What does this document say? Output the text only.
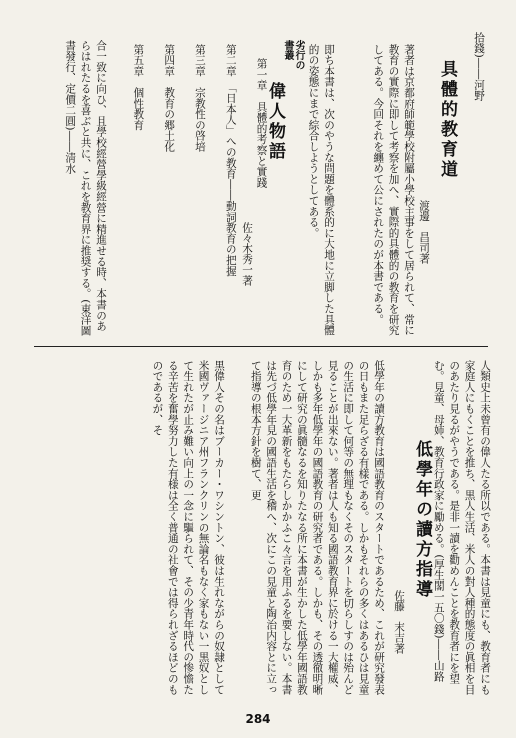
拾錢)――河野
具體的教育道
渡邊　昌司著
著者は京都府師範學校附屬小學校主事をして居られて、常に教育の實際に即して考察を加へ、實際的具體的の教育を研究してある。今回それを纏めて公にされたのが本書である。
即ち本書は、次のやうな問題を體系的に大地に立脚した具體的の姿態にまで綜合しようとしてある。

第一章　具體的考察と實踐

第二章　「日本人」への教育――動詞教育の把握

第三章　宗教性の啓培

第四章　教育の郷土化

第五章　個性教育

合一致に向ひ、且學校經營學級經營に精進せる時、本書のあらはれたるを喜ぶと共に、これを教育界に推奨する。(東洋圖書發行、定價二圓)――淸水	劣行の
書叢
偉人物語
佐々木秀一著
黒偉人その名はブーカー・ワシントン、彼は生れながらの奴隷として米國ヴァージニア州フランクリンの無論名もなく家もない一黒奴として生れたが止み難い向上の一念に驅られて、その少青年時代の惨憺たる辛苦を奮學努力した有様は全く普通の社會では得られざるほどのものであるが、そ	低學年の讀方教育は國語教育のスタートであるため、これが研究發表の日もまた足らざる有樣である。しかもそれらの多くはあるひは見童の生活に即して何等の無理もなくそのスタートを切らしすのは殆んど見ることが出來ない。著者は人も知る國語教育界に於ける一大權威、しかも多年低學年の國語教育の研究者である。しかも、その透徹明晰にして研究の眞髓なるを知りたなる所に本書が生かした低學年國語教育のため一大革新をもたらしかかふこ々言を用ふるを要しない。本書は先づ低學年見の國語生活を稽へ、次にこの見童と陶治内容とに立って指導の根本方針を樹て、更
佐藤　末吉著
低學年の讀方指導	人類史上未曾有の偉人たる所以である。本書は見童にも、教育者にも家庭人にもくことを推ち、黒人生活、米人の對人種的態度の眞相を目のあたり見るがやうである。是非一讀を勸めんことを教育者にを望む。見童、母姉、教育行政家に勵める。(厚生閣一五〇錢)――山路
284
